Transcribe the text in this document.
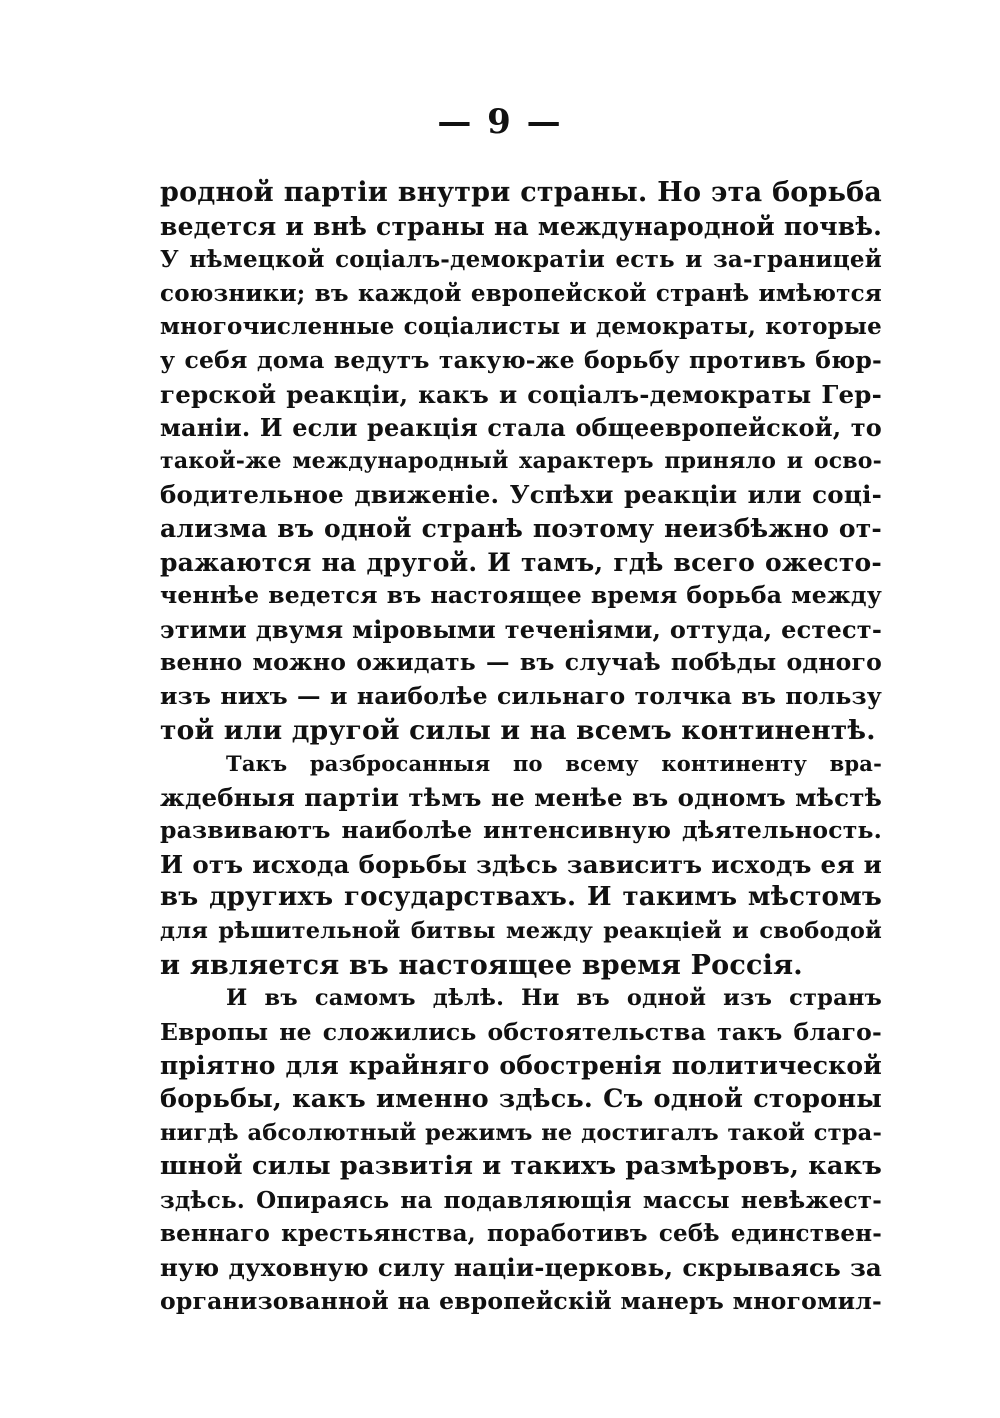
— 9 —
родной партіи внутри страны. Но эта борьба
ведется и внѣ страны на международной почвѣ.
У нѣмецкой соціалъ-демократіи есть и за-границей
союзники; въ каждой европейской странѣ имѣются
многочисленные соціалисты и демократы, которые
у себя дома ведутъ такую-же борьбу противъ бюр-
герской реакціи, какъ и соціалъ-демократы Гер-
маніи. И если реакція стала общеевропейской, то
такой-же международный характеръ приняло и осво-
бодительное движеніе. Успѣхи реакціи или соці-
ализма въ одной странѣ поэтому неизбѣжно от-
ражаются на другой. И тамъ, гдѣ всего ожесто-
ченнѣе ведется въ настоящее время борьба между
этими двумя міровыми теченіями, оттуда, естест-
венно можно ожидать — въ случаѣ побѣды одного
изъ нихъ — и наиболѣе сильнаго толчка въ пользу
той или другой силы и на всемъ континентѣ.
Такъ разбросанныя по всему континенту вра-
ждебныя партіи тѣмъ не менѣе въ одномъ мѣстѣ
развиваютъ наиболѣе интенсивную дѣятельность.
И отъ исхода борьбы здѣсь зависитъ исходъ ея и
въ другихъ государствахъ. И такимъ мѣстомъ
для рѣшительной битвы между реакціей и свободой
и является въ настоящее время Россія.
И въ самомъ дѣлѣ. Ни въ одной изъ странъ
Европы не сложились обстоятельства такъ благо-
пріятно для крайняго обостренія политической
борьбы, какъ именно здѣсь. Съ одной стороны
нигдѣ абсолютный режимъ не достигалъ такой стра-
шной силы развитія и такихъ размѣровъ, какъ
здѣсь. Опираясь на подавляющія массы невѣжест-
веннаго крестьянства, поработивъ себѣ единствен-
ную духовную силу націи-церковь, скрываясь за
организованной на европейскій манеръ многомил-
